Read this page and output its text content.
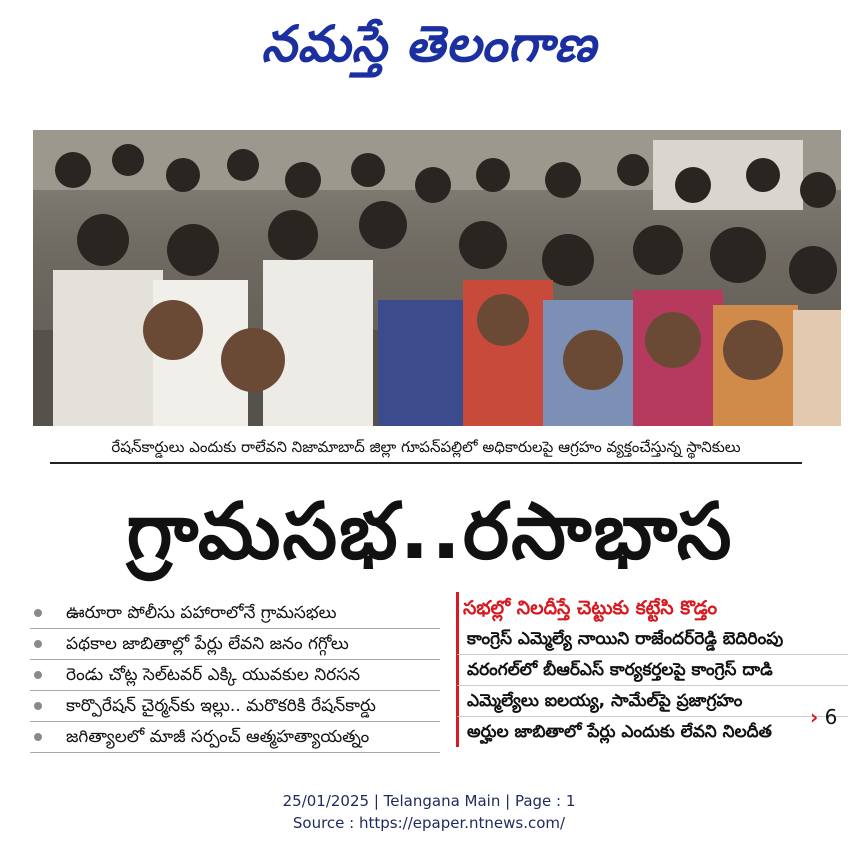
నమస్తే తెలంగాణ
రేషన్‌కార్డులు ఎందుకు రాలేవని నిజామాబాద్ జిల్లా గూపన్‌పల్లిలో అధికారులపై ఆగ్రహం వ్యక్తంచేస్తున్న స్థానికులు
గ్రామసభ..రసాభాస
ఊరూరా పోలీసు పహారాలోనే గ్రామసభలు
పథకాల జాబితాల్లో పేర్లు లేవని జనం గగ్గోలు
రెండు చోట్ల సెల్‌టవర్ ఎక్కి యువకుల నిరసన
కార్పొరేషన్ చైర్మన్‌కు ఇల్లు.. మరొకరికి రేషన్‌కార్డు
జగిత్యాలలో మాజీ సర్పంచ్ ఆత్మహత్యాయత్నం
సభల్లో నిలదీస్తే చెట్టుకు కట్టేసి కొడ్తం
కాంగ్రెస్ ఎమ్మెల్యే నాయిని రాజేందర్‌రెడ్డి బెదిరింపు
వరంగల్‌లో బీఆర్‌ఎస్ కార్యకర్తలపై కాంగ్రెస్ దాడి
ఎమ్మెల్యేలు ఐలయ్య, సామేల్‌పై ప్రజాగ్రహం
అర్హుల జాబితాలో పేర్లు ఎందుకు లేవని నిలదీత
› 6
25/01/2025 | Telangana Main | Page : 1
Source : https://epaper.ntnews.com/
